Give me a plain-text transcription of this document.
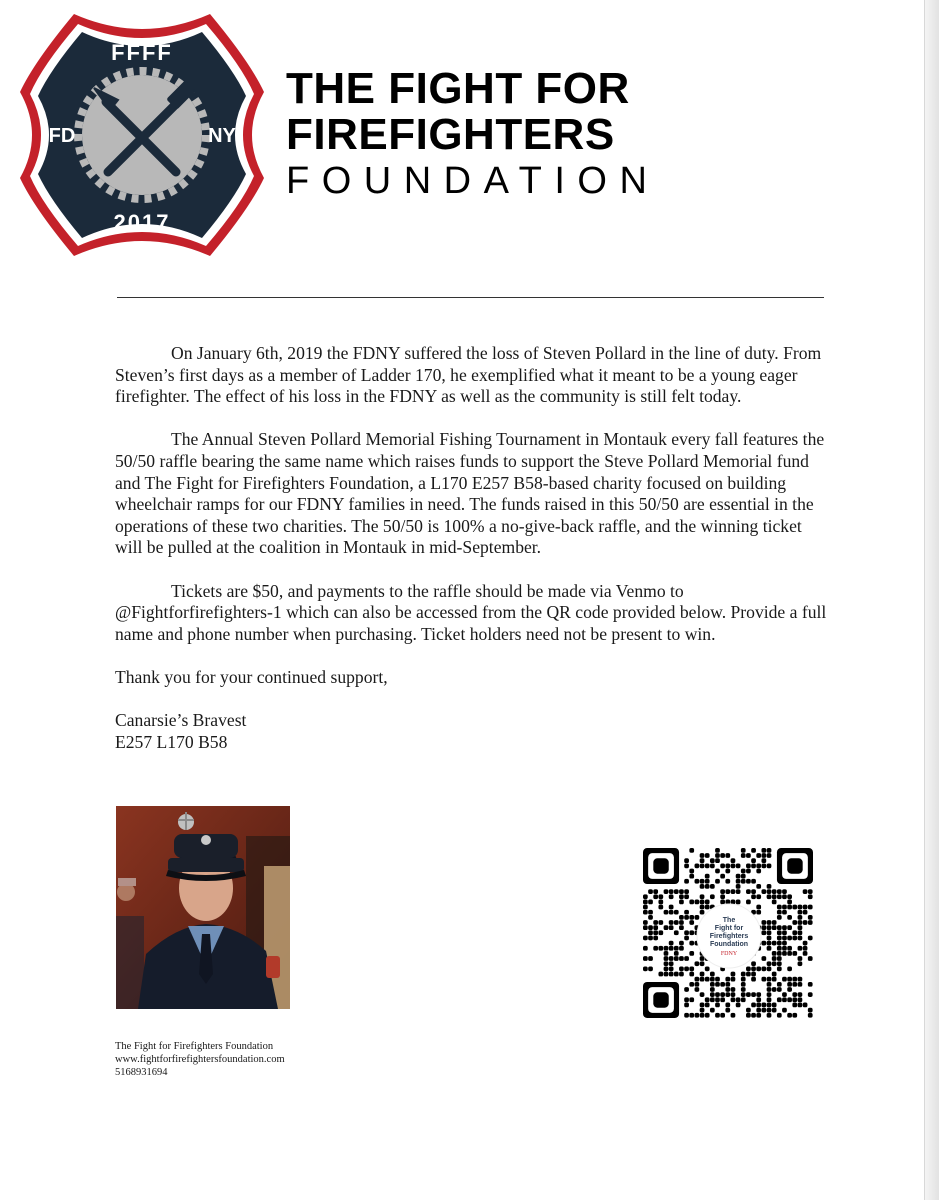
FFFF
FD	NY
2017
THE FIGHT FOR
FIREFIGHTERS
FOUNDATION

On January 6th, 2019 the FDNY suffered the loss of Steven Pollard in the line of duty. From Steven’s first days as a member of Ladder 170, he exemplified what it meant to be a young eager firefighter. The effect of his loss in the FDNY as well as the community is still felt today.

The Annual Steven Pollard Memorial Fishing Tournament in Montauk every fall features the 50/50 raffle bearing the same name which raises funds to support the Steve Pollard Memorial fund and The Fight for Firefighters Foundation, a L170 E257 B58-based charity focused on building wheelchair ramps for our FDNY families in need. The funds raised in this 50/50 are essential in the operations of these two charities. The 50/50 is 100% a no-give-back raffle, and the winning ticket will be pulled at the coalition in Montauk in mid-September.

Tickets are $50, and payments to the raffle should be made via Venmo to @Fightforfirefighters-1 which can also be accessed from the QR code provided below. Provide a full name and phone number when purchasing. Ticket holders need not be present to win.

Thank you for your continued support,

Canarsie’s Bravest

E257 L170 B58

The
Fight for
Firefighters
Foundation
FDNY
The Fight for Firefighters Foundation
www.fightforfirefightersfoundation.com
5168931694
